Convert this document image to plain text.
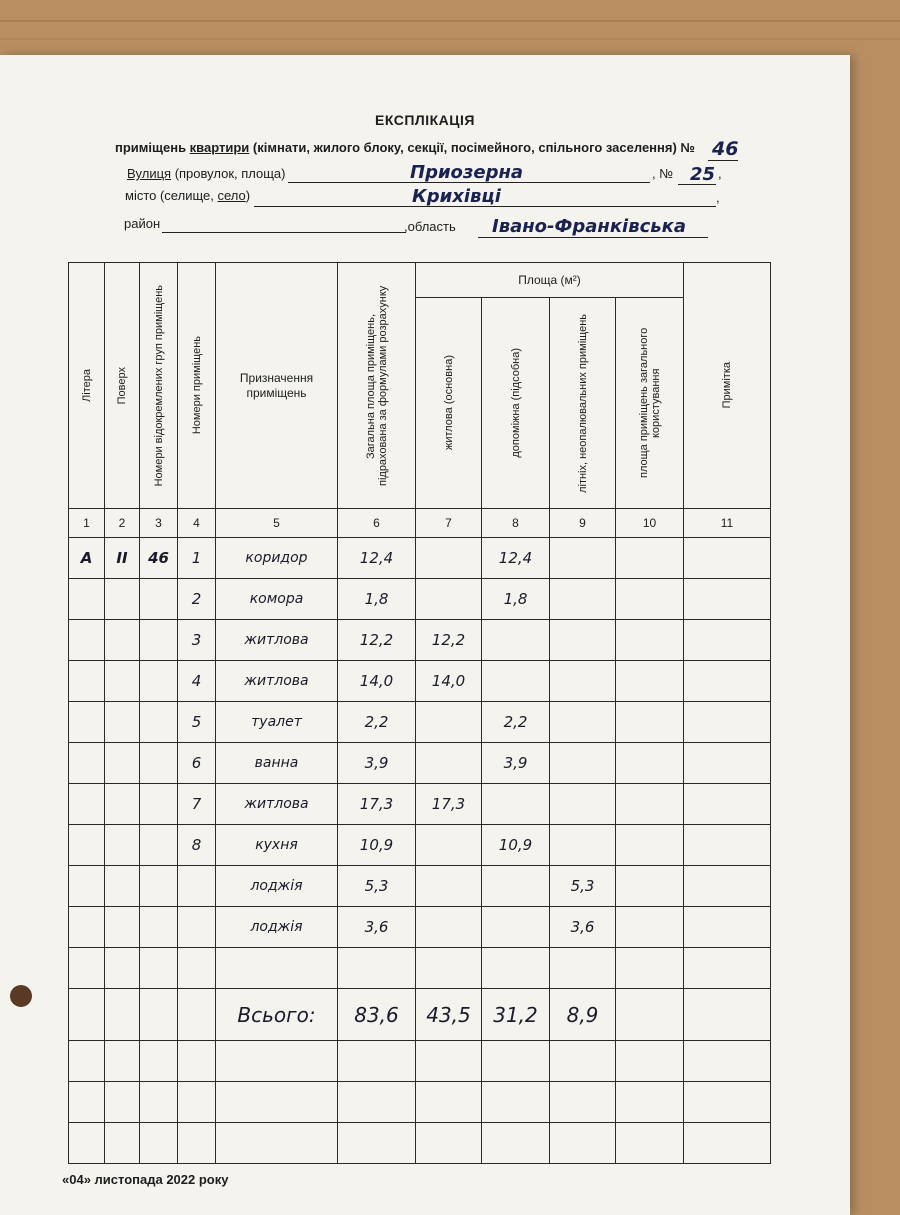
ЕКСПЛІКАЦІЯ
приміщень квартири (кімнати, жилого блоку, секції, посімейного, спільного заселення) № 46
Вулиця (провулок, площа)	Приозерна	, № 25 ,
місто (селище, село)	Крихівці	,
район	,область Івано-Франківська
Літера	Поверх	Номери відокремлених груп приміщень	Номери приміщень	Призначення приміщень	Загальна площа приміщень, підрахована за формулами розрахунку	Площа (м²)				Примітка

						житлова (основна)	допоміжна (підсобна)	літніх, неопалювальних приміщень	площа приміщень загального користування	

1	2	3	4	5	6	7	8	9	10	11
А	II	46	1	коридор	12,4		12,4			
			2	комора	1,8		1,8			
			3	житлова	12,2	12,2				
			4	житлова	14,0	14,0				
			5	туалет	2,2		2,2			
			6	ванна	3,9		3,9			
			7	житлова	17,3	17,3				
			8	кухня	10,9		10,9			
				лоджія	5,3			5,3		
				лоджія	3,6			3,6		

				Всього:	83,6	43,5	31,2	8,9		

«04» листопада 2022 року
